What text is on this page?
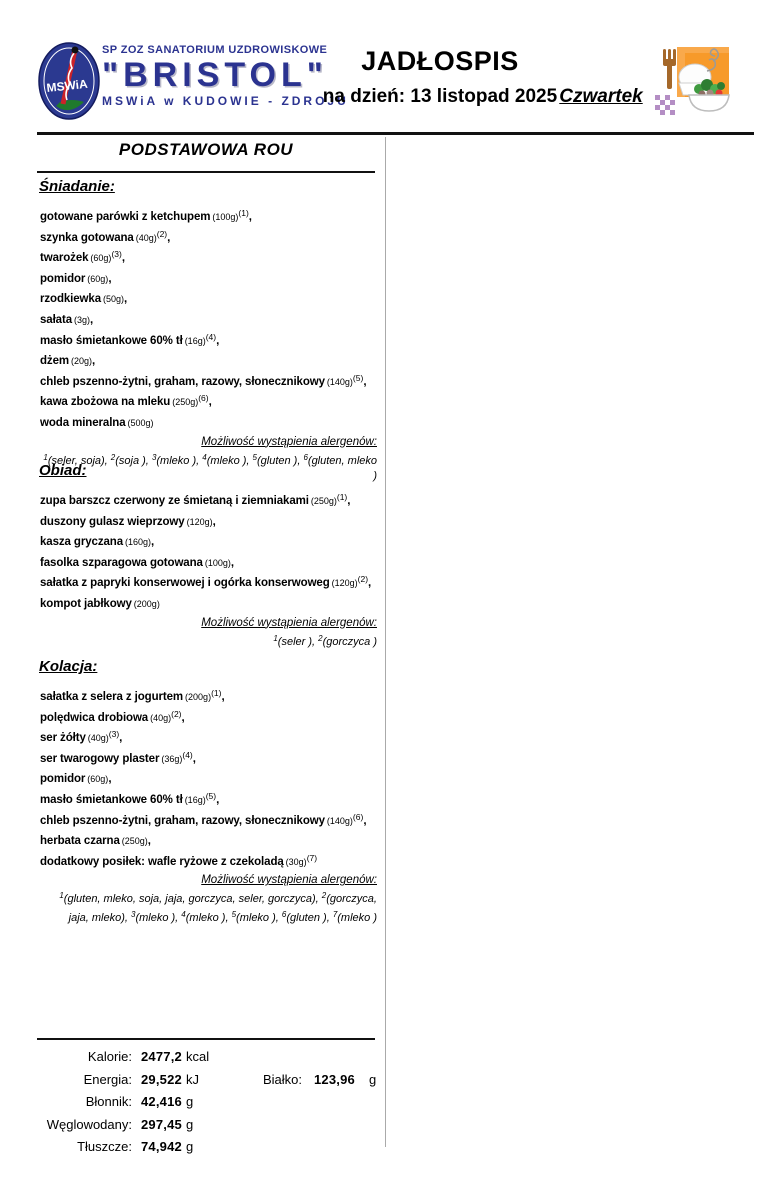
MSWiA
SP ZOZ SANATORIUM UZDROWISKOWE
"BRISTOL"
MSWiA w KUDOWIE - ZDROJU
JADŁOSPIS
na dzień: 13 listopad 2025 Czwartek
PODSTAWOWA ROU
Śniadanie:
gotowane parówki z ketchupem $(100g)^{(1)}$,
szynka gotowana $(40g)^{(2)}$,
twarożek $(60g)^{(3)}$,
pomidor (60g),
rzodkiewka (50g),
sałata (3g),
masło śmietankowe 60% tł $(16g)^{(4)}$,
dżem (20g),
chleb pszenno-żytni, graham, razowy, słonecznikowy $(140g)^{(5)}$,
kawa zbożowa na mleku $(250g)^{(6)}$,
woda mineralna (500g)
Możliwość wystąpienia alergenów:
$^1$(seler, soja), $^2$(soja ), $^3$(mleko ), $^4$(mleko ), $^5$(gluten ), $^6$(gluten, mleko )
Obiad:
zupa barszcz czerwony ze śmietaną i ziemniakami $(250g)^{(1)}$,
duszony gulasz wieprzowy (120g),
kasza gryczana (160g),
fasolka szparagowa gotowana (100g),
sałatka z papryki konserwowej i ogórka konserwoweg $(120g)^{(2)}$,
kompot jabłkowy (200g)
Możliwość wystąpienia alergenów:
$^1$(seler ), $^2$(gorczyca )
Kolacja:
sałatka z selera z jogurtem $(200g)^{(1)}$,
polędwica drobiowa $(40g)^{(2)}$,
ser żółty $(40g)^{(3)}$,
ser twarogowy plaster $(36g)^{(4)}$,
pomidor (60g),
masło śmietankowe 60% tł $(16g)^{(5)}$,
chleb pszenno-żytni, graham, razowy, słonecznikowy $(140g)^{(6)}$,
herbata czarna (250g),
dodatkowy posiłek: wafle ryżowe z czekoladą $(30g)^{(7)}$
Możliwość wystąpienia alergenów:
$^1$(gluten, mleko, soja, jaja, gorczyca, seler, gorczyca), $^2$(gorczyca, jaja, mleko), $^3$(mleko ), $^4$(mleko ), $^5$(mleko ), $^6$(gluten ), $^7$(mleko )
Kalorie: 2477,2 kcal
Energia: 29,522 kJ	Białko: 123,96 g
Błonnik: 42,416 g
Węglowodany: 297,45 g
Tłuszcze: 74,942 g
